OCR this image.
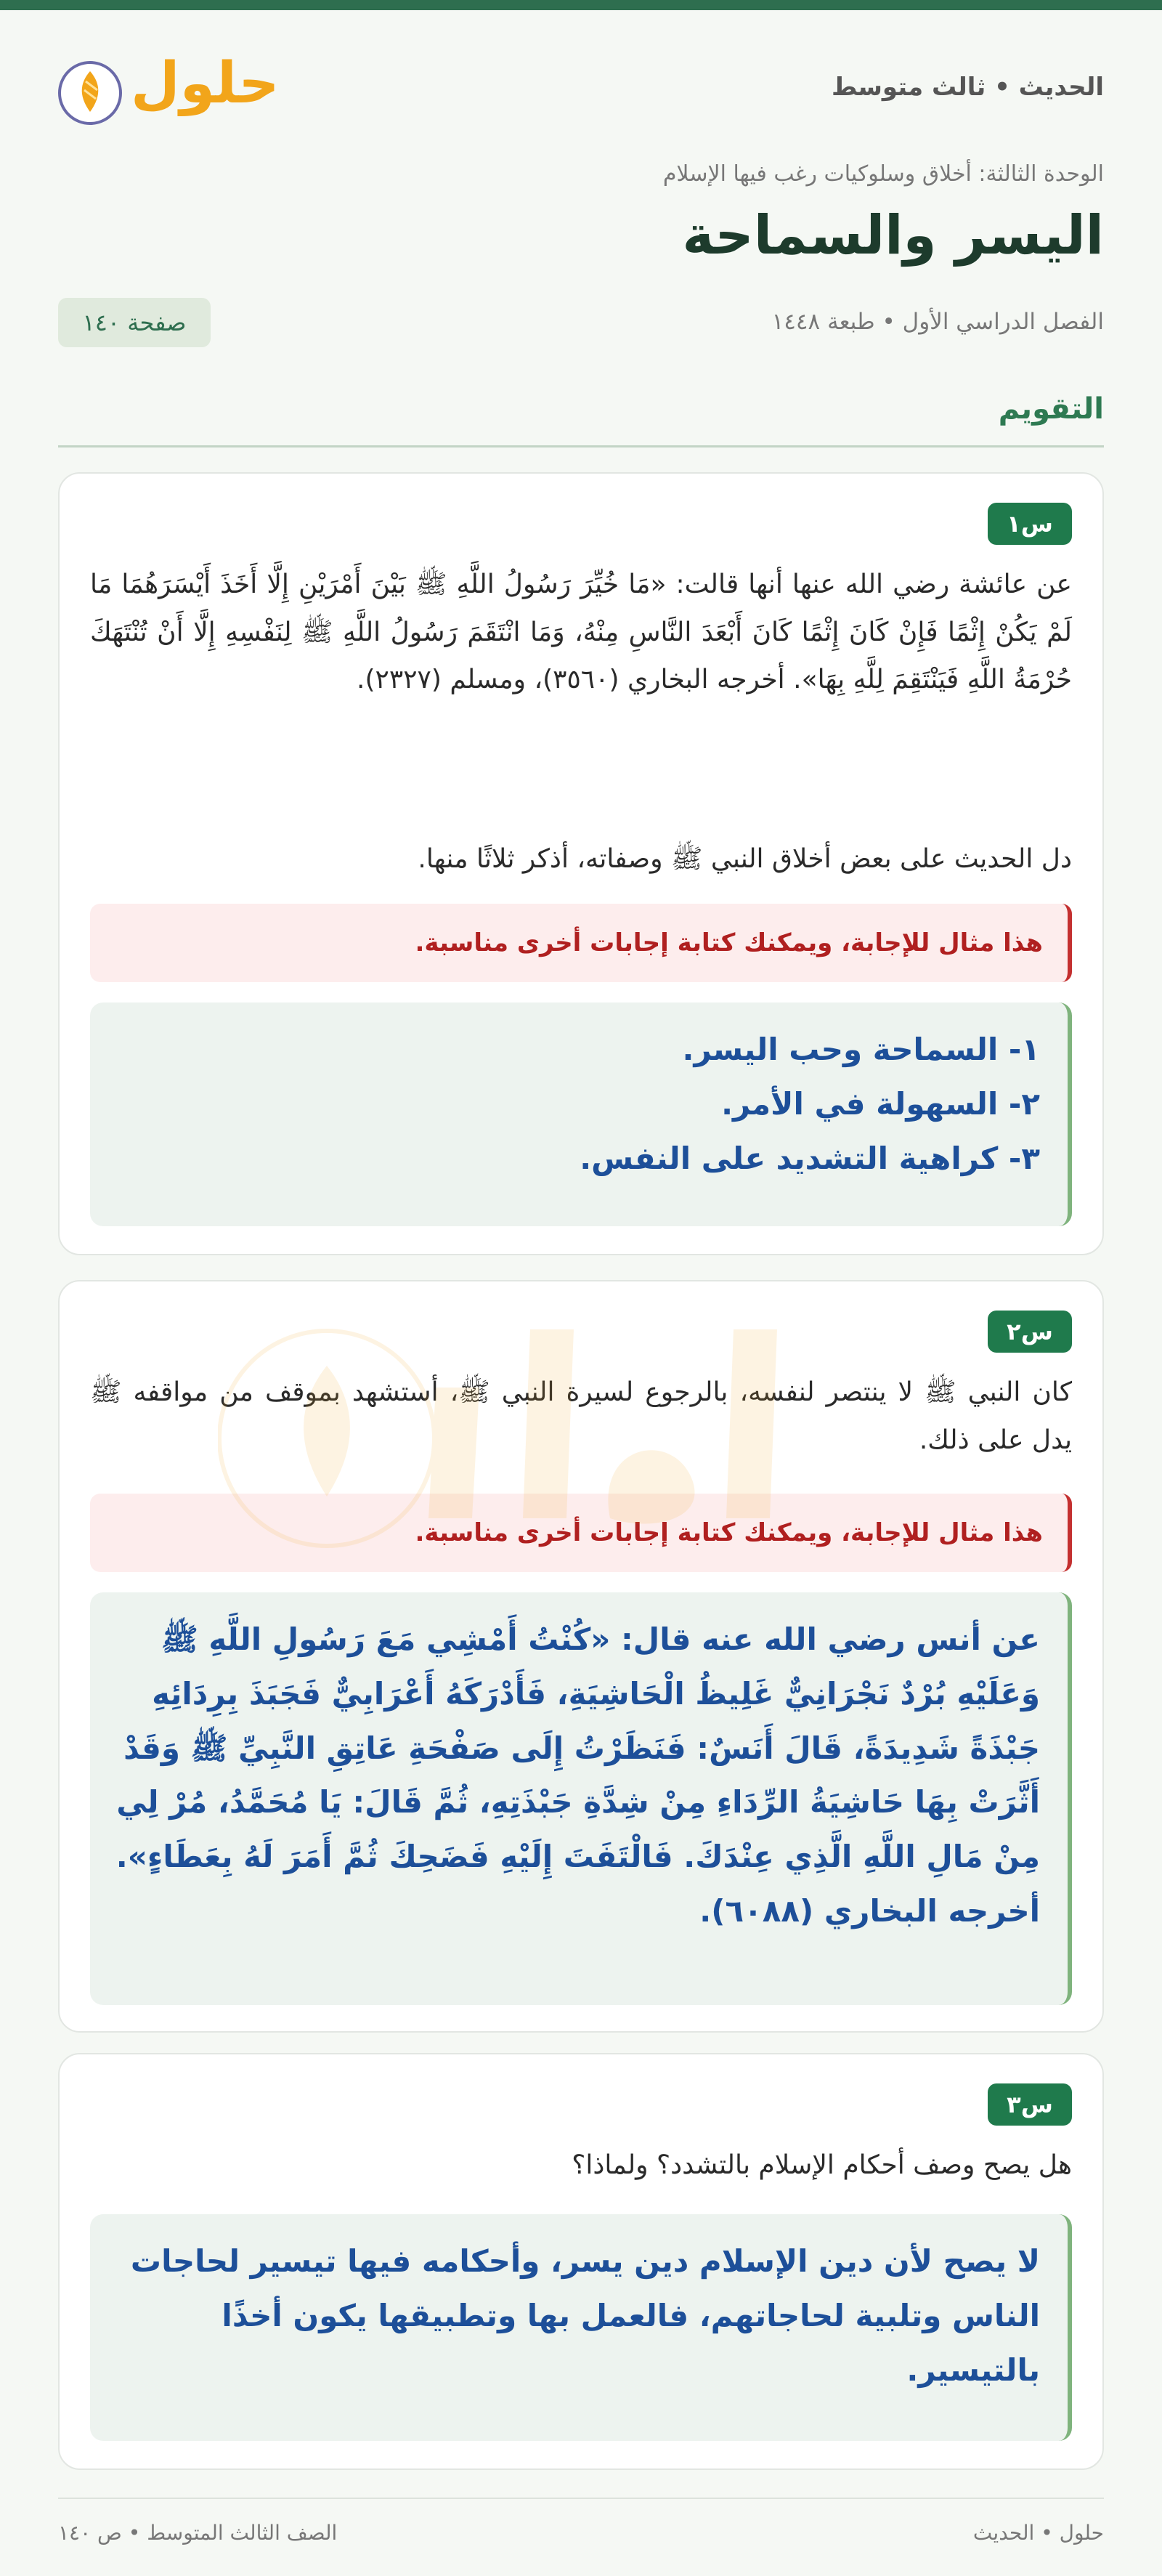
حلول	الحديث • ثالث متوسط
الوحدة الثالثة: أخلاق وسلوكيات رغب فيها الإسلام
اليسر والسماحة
الفصل الدراسي الأول • طبعة ١٤٤٨
صفحة ١٤٠
التقويم
س١

عن عائشة رضي الله عنها أنها قالت: «مَا خُيِّرَ رَسُولُ اللَّهِ ﷺ بَيْنَ أَمْرَيْنِ إِلَّا أَخَذَ أَيْسَرَهُمَا مَا لَمْ يَكُنْ إِثْمًا فَإِنْ كَانَ إِثْمًا كَانَ أَبْعَدَ النَّاسِ مِنْهُ، وَمَا انْتَقَمَ رَسُولُ اللَّهِ ﷺ لِنَفْسِهِ إِلَّا أَنْ تُنْتَهَكَ حُرْمَةُ اللَّهِ فَيَنْتَقِمَ لِلَّهِ بِهَا». أخرجه البخاري (٣٥٦٠)، ومسلم (٢٣٢٧).

دل الحديث على بعض أخلاق النبي ﷺ وصفاته، أذكر ثلاثًا منها.

هذا مثال للإجابة، ويمكنك كتابة إجابات أخرى مناسبة.
١- السماحة وحب اليسر.
٢- السهولة في الأمر.
٣- كراهية التشديد على النفس.
س٢

كان النبي ﷺ لا ينتصر لنفسه، بالرجوع لسيرة النبي ﷺ، أستشهد بموقف من مواقفه ﷺ يدل على ذلك.

هذا مثال للإجابة، ويمكنك كتابة إجابات أخرى مناسبة.
عن أنس رضي الله عنه قال: «كُنْتُ أَمْشِي مَعَ رَسُولِ اللَّهِ ﷺ وَعَلَيْهِ بُرْدٌ نَجْرَانِيٌّ غَلِيظُ الْحَاشِيَةِ، فَأَدْرَكَهُ أَعْرَابِيٌّ فَجَبَذَ بِرِدَائِهِ جَبْذَةً شَدِيدَةً، قَالَ أَنَسٌ: فَنَظَرْتُ إِلَى صَفْحَةِ عَاتِقِ النَّبِيِّ ﷺ وَقَدْ أَثَّرَتْ بِهَا حَاشِيَةُ الرِّدَاءِ مِنْ شِدَّةِ جَبْذَتِهِ، ثُمَّ قَالَ: يَا مُحَمَّدُ، مُرْ لِي مِنْ مَالِ اللَّهِ الَّذِي عِنْدَكَ. فَالْتَفَتَ إِلَيْهِ فَضَحِكَ ثُمَّ أَمَرَ لَهُ بِعَطَاءٍ». أخرجه البخاري (٦٠٨٨).
س٣

هل يصح وصف أحكام الإسلام بالتشدد؟ ولماذا؟

لا يصح لأن دين الإسلام دين يسر، وأحكامه فيها تيسير لحاجات الناس وتلبية لحاجاتهم، فالعمل بها وتطبيقها يكون أخذًا بالتيسير.
حلول • الحديث
الصف الثالث المتوسط • ص ١٤٠
